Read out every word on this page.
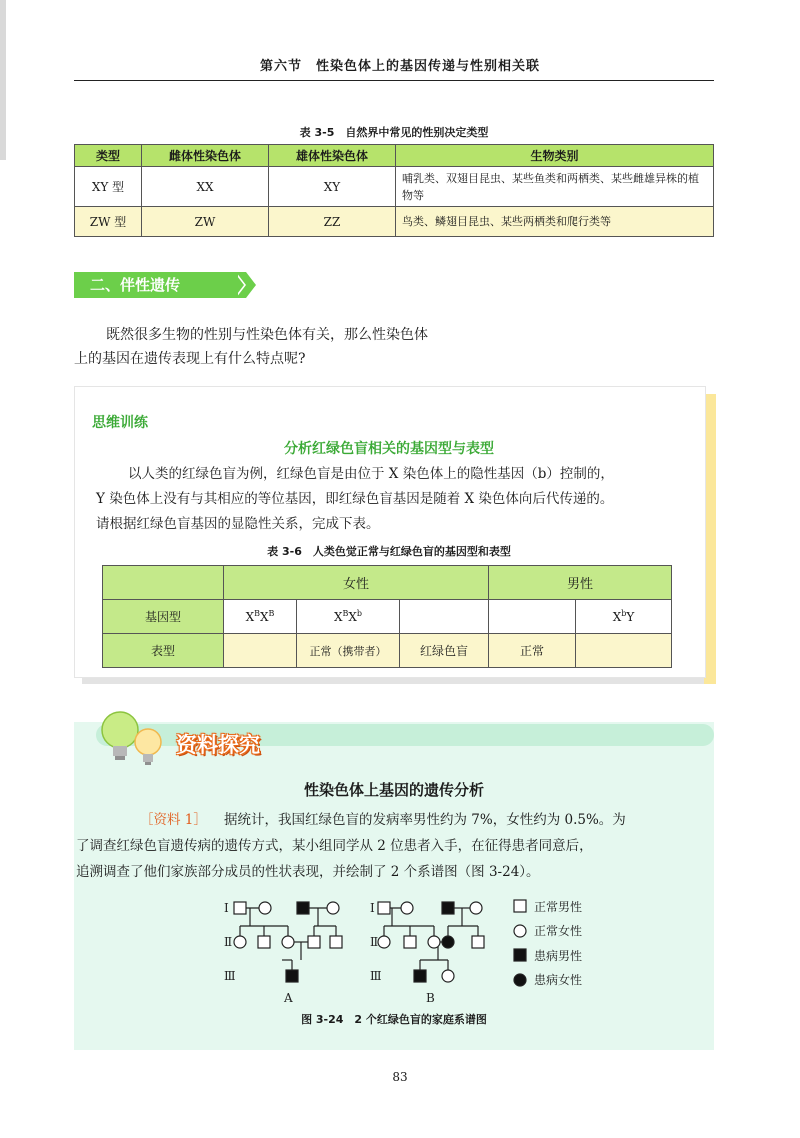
第六节　性染色体上的基因传递与性别相关联
表 3-5　自然界中常见的性别决定类型
类型	雌体性染色体	雄体性染色体	生物类别
XY 型	XX	XY	哺乳类、双翅目昆虫、某些鱼类和两栖类、某些雌雄异株的植物等
ZW 型	ZW	ZZ	鸟类、鳞翅目昆虫、某些两栖类和爬行类等
二、伴性遗传
既然很多生物的性别与性染色体有关，那么性染色体
上的基因在遗传表现上有什么特点呢?
思维训练
分析红绿色盲相关的基因型与表型
以人类的红绿色盲为例，红绿色盲是由位于 X 染色体上的隐性基因（b）控制的，
Y 染色体上没有与其相应的等位基因，即红绿色盲基因是随着 X 染色体向后代传递的。
请根据红绿色盲基因的显隐性关系，完成下表。
表 3-6　人类色觉正常与红绿色盲的基因型和表型
	女性			男性	
基因型	$X^BX^B$	$X^BX^b$			$X^bY$
表型		正常（携带者）	红绿色盲	正常	
资料探究
性染色体上基因的遗传分析
［资料 1］ 据统计，我国红绿色盲的发病率男性约为 7%，女性约为 0.5%。为
了调查红绿色盲遗传病的遗传方式，某小组同学从 2 位患者入手，在征得患者同意后，
追溯调查了他们家族部分成员的性状表现，并绘制了 2 个系谱图（图 3-24）。
Ⅰ
Ⅱ
Ⅲ
Ⅰ
Ⅱ
Ⅲ
A	B
正常男性
正常女性
患病男性
患病女性
图 3-24　2 个红绿色盲的家庭系谱图
83
